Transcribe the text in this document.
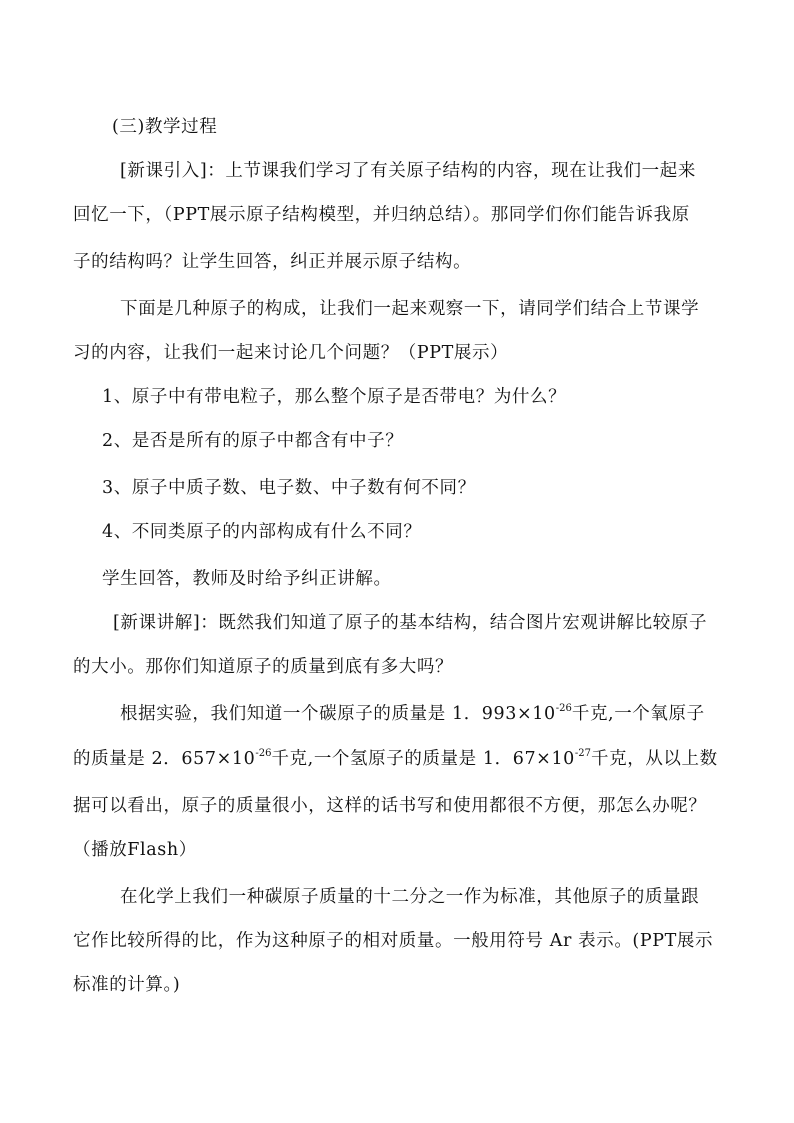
(三)教学过程
[新课引入]：上节课我们学习了有关原子结构的内容，现在让我们一起来
回忆一下，（PPT展示原子结构模型，并归纳总结）。那同学们你们能告诉我原
子的结构吗？让学生回答，纠正并展示原子结构。
下面是几种原子的构成，让我们一起来观察一下，请同学们结合上节课学
习的内容，让我们一起来讨论几个问题？（PPT展示）
1、原子中有带电粒子，那么整个原子是否带电？为什么？
2、是否是所有的原子中都含有中子？
3、原子中质子数、电子数、中子数有何不同？
4、不同类原子的内部构成有什么不同？
学生回答，教师及时给予纠正讲解。
[新课讲解]：既然我们知道了原子的基本结构，结合图片宏观讲解比较原子
的大小。那你们知道原子的质量到底有多大吗？
根据实验，我们知道一个碳原子的质量是 1．$993\times 10^{-26}$千克,一个氧原子
的质量是 2．$657\times 10^{-26}$千克,一个氢原子的质量是 1．$67\times 10^{-27}$千克，从以上数
据可以看出，原子的质量很小，这样的话书写和使用都很不方便，那怎么办呢？
（播放Flash）
在化学上我们一种碳原子质量的十二分之一作为标准，其他原子的质量跟
它作比较所得的比，作为这种原子的相对质量。一般用符号 Ar 表示。(PPT展示
标准的计算。)
